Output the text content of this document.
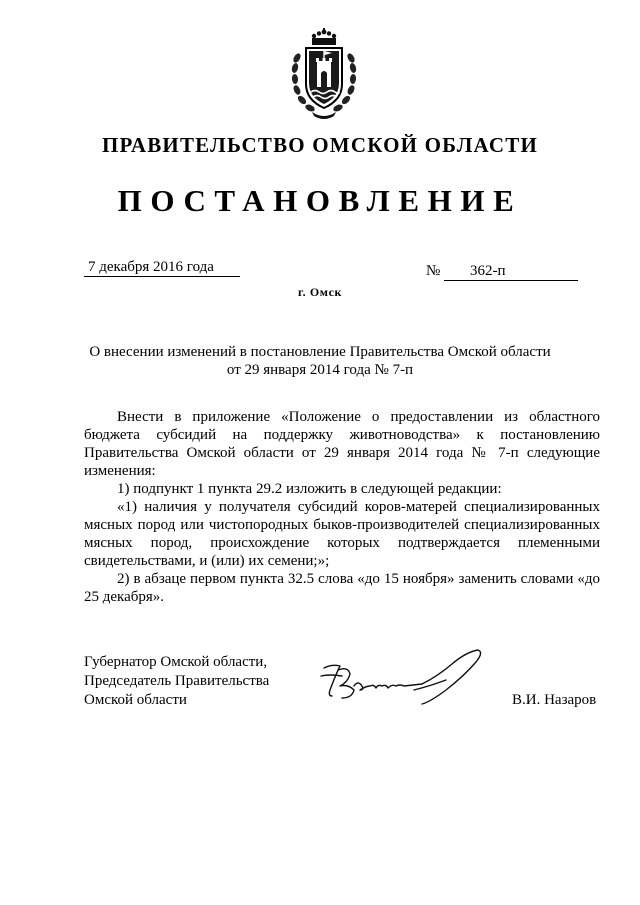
ПРАВИТЕЛЬСТВО ОМСКОЙ ОБЛАСТИ
ПОСТАНОВЛЕНИЕ
7 декабря 2016 года	№	362-п
г. Омск
О внесении изменений в постановление Правительства Омской области
от 29 января 2014 года № 7-п

Внести в приложение «Положение о предоставлении из областного бюджета субсидий на поддержку животноводства» к постановлению Правительства Омской области от 29 января 2014 года № 7-п следующие изменения:

1) подпункт 1 пункта 29.2 изложить в следующей редакции:

«1) наличия у получателя субсидий коров-матерей специализированных мясных пород или чистопородных быков-производителей специализированных мясных пород, происхождение которых подтверждается племенными свидетельствами, и (или) их семени;»;

2) в абзаце первом пункта 32.5 слова «до 15 ноября» заменить словами «до 25 декабря».

Губернатор Омской области,
Председатель Правительства
Омской области	В.И. Назаров
